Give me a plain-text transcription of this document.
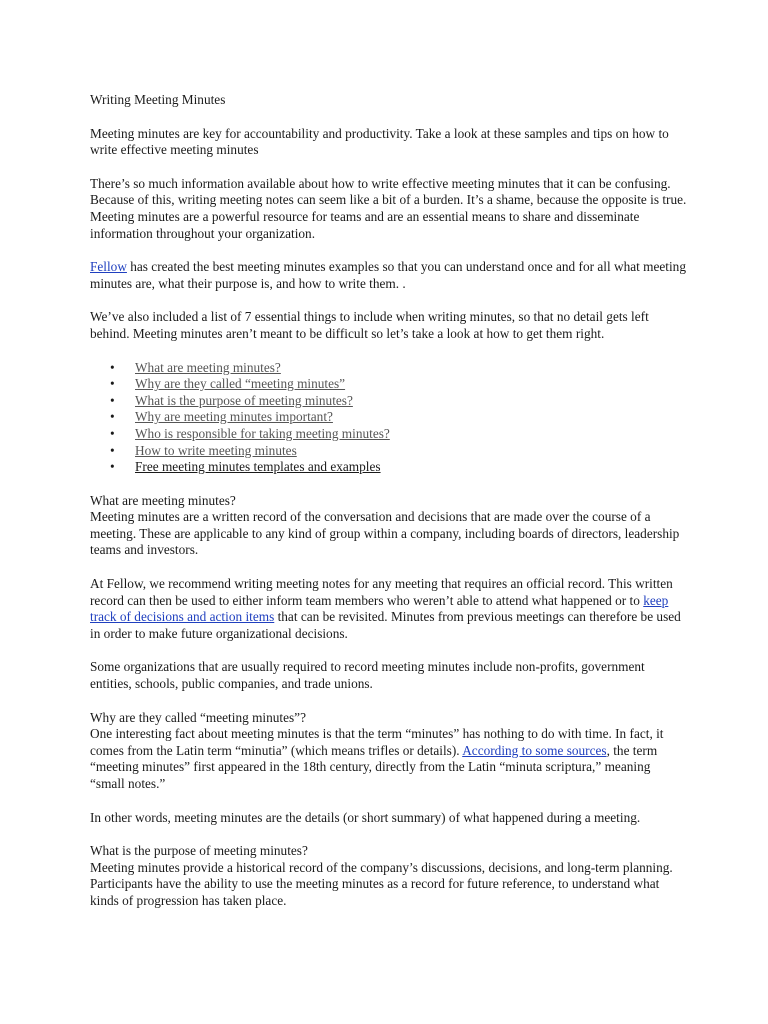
Writing Meeting Minutes

Meeting minutes are key for accountability and productivity. Take a look at these samples and tips on how to write effective meeting minutes

There’s so much information available about how to write effective meeting minutes that it can be confusing. Because of this, writing meeting notes can seem like a bit of a burden. It’s a shame, because the opposite is true. Meeting minutes are a powerful resource for teams and are an essential means to share and disseminate information throughout your organization.

Fellow has created the best meeting minutes examples so that you can understand once and for all what meeting minutes are, what their purpose is, and how to write them. .

We’ve also included a list of 7 essential things to include when writing minutes, so that no detail gets left behind. Meeting minutes aren’t meant to be difficult so let’s take a look at how to get them right.

• What are meeting minutes?
• Why are they called “meeting minutes”
• What is the purpose of meeting minutes?
• Why are meeting minutes important?
• Who is responsible for taking meeting minutes?
• How to write meeting minutes
• Free meeting minutes templates and examples

What are meeting minutes?

Meeting minutes are a written record of the conversation and decisions that are made over the course of a meeting. These are applicable to any kind of group within a company, including boards of directors, leadership teams and investors.

At Fellow, we recommend writing meeting notes for any meeting that requires an official record. This written record can then be used to either inform team members who weren’t able to attend what happened or to keep track of decisions and action items that can be revisited. Minutes from previous meetings can therefore be used in order to make future organizational decisions.

Some organizations that are usually required to record meeting minutes include non-profits, government entities, schools, public companies, and trade unions.

Why are they called “meeting minutes”?

One interesting fact about meeting minutes is that the term “minutes” has nothing to do with time. In fact, it comes from the Latin term “minutia” (which means trifles or details). According to some sources, the term “meeting minutes” first appeared in the 18th century, directly from the Latin “minuta scriptura,” meaning “small notes.”

In other words, meeting minutes are the details (or short summary) of what happened during a meeting.

What is the purpose of meeting minutes?

Meeting minutes provide a historical record of the company’s discussions, decisions, and long-term planning. Participants have the ability to use the meeting minutes as a record for future reference, to understand what kinds of progression has taken place.
